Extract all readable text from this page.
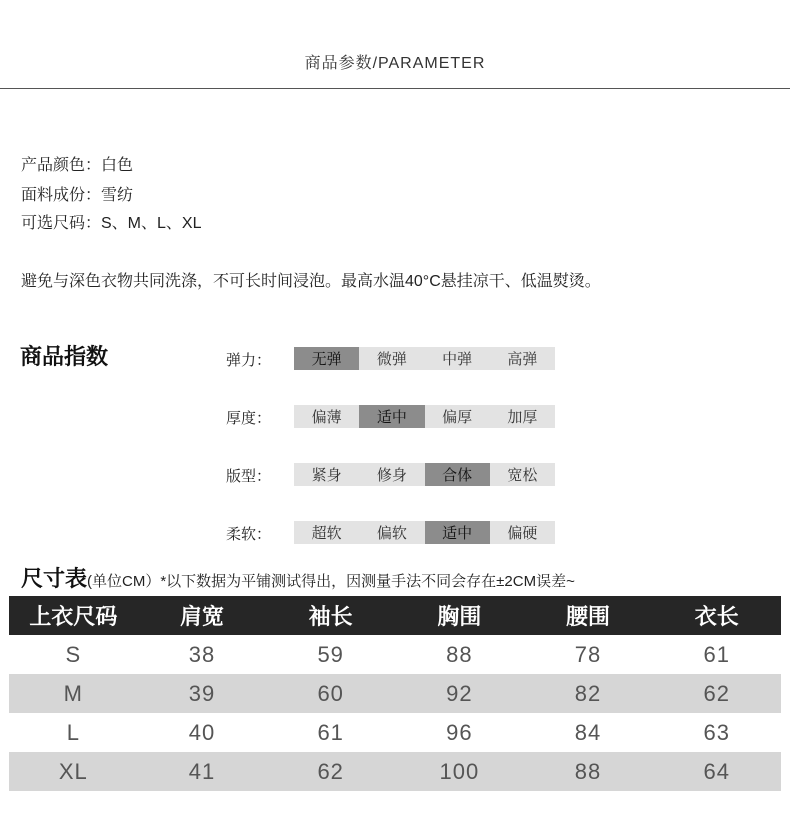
商品参数/PARAMETER
产品颜色：白色
面料成份：雪纺
可选尺码：S、M、L、XL
避免与深色衣物共同洗涤，不可长时间浸泡。最高水温40°C悬挂凉干、低温熨烫。
商品指数	弹力：	无弹	微弹	中弹	高弹
厚度：	偏薄	适中	偏厚	加厚
版型：	紧身	修身	合体	宽松
柔软：	超软	偏软	适中	偏硬
尺寸表(单位CM）*以下数据为平铺测试得出，因测量手法不同会存在±2CM误差~
上衣尺码	肩宽	袖长	胸围	腰围	衣长
S	38	59	88	78	61
M	39	60	92	82	62
L	40	61	96	84	63
XL	41	62	100	88	64
